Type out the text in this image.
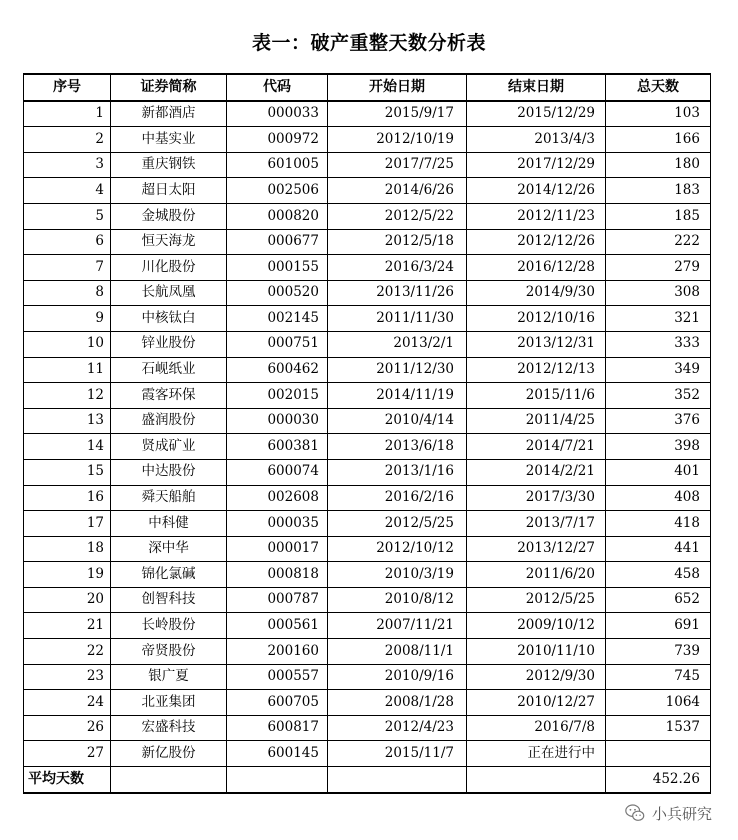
表一：破产重整天数分析表
序号	证券简称	代码	开始日期	结束日期	总天数
1	新都酒店	000033	2015/9/17	2015/12/29	103
2	中基实业	000972	2012/10/19	2013/4/3	166
3	重庆钢铁	601005	2017/7/25	2017/12/29	180
4	超日太阳	002506	2014/6/26	2014/12/26	183
5	金城股份	000820	2012/5/22	2012/11/23	185
6	恒天海龙	000677	2012/5/18	2012/12/26	222
7	川化股份	000155	2016/3/24	2016/12/28	279
8	长航凤凰	000520	2013/11/26	2014/9/30	308
9	中核钛白	002145	2011/11/30	2012/10/16	321
10	锌业股份	000751	2013/2/1	2013/12/31	333
11	石岘纸业	600462	2011/12/30	2012/12/13	349
12	霞客环保	002015	2014/11/19	2015/11/6	352
13	盛润股份	000030	2010/4/14	2011/4/25	376
14	贤成矿业	600381	2013/6/18	2014/7/21	398
15	中达股份	600074	2013/1/16	2014/2/21	401
16	舜天船舶	002608	2016/2/16	2017/3/30	408
17	中科健	000035	2012/5/25	2013/7/17	418
18	深中华	000017	2012/10/12	2013/12/27	441
19	锦化氯碱	000818	2010/3/19	2011/6/20	458
20	创智科技	000787	2010/8/12	2012/5/25	652
21	长岭股份	000561	2007/11/21	2009/10/12	691
22	帝贤股份	200160	2008/11/1	2010/11/10	739
23	银广夏	000557	2010/9/16	2012/9/30	745
24	北亚集团	600705	2008/1/28	2010/12/27	1064
26	宏盛科技	600817	2012/4/23	2016/7/8	1537
27	新亿股份	600145	2015/11/7	正在进行中	
平均天数					452.26
小兵研究
